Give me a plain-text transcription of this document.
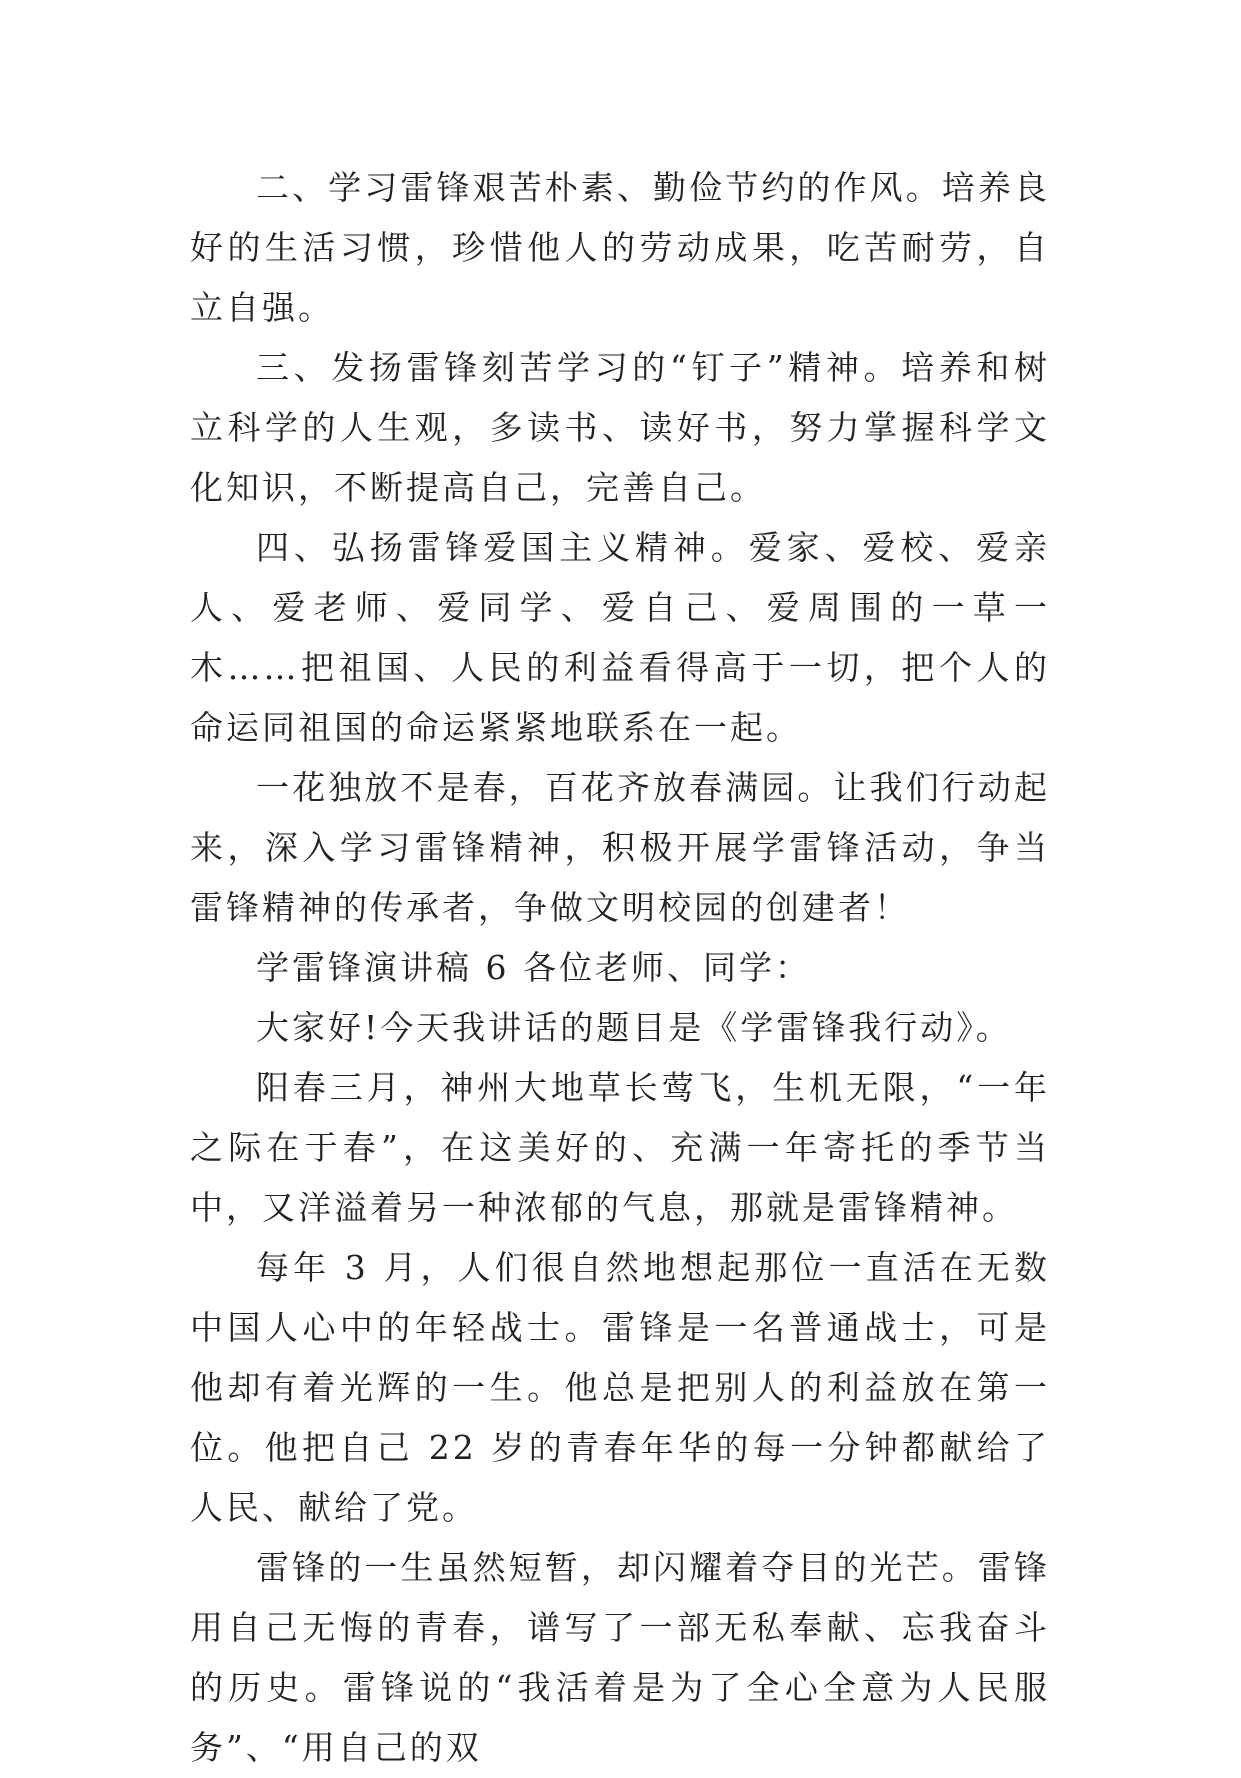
二、学习雷锋艰苦朴素、勤俭节约的作风。培养良好的生活习惯，珍惜他人的劳动成果，吃苦耐劳，自立自强。

三、发扬雷锋刻苦学习的“钉子”精神。培养和树立科学的人生观，多读书、读好书，努力掌握科学文化知识，不断提高自己，完善自己。

四、弘扬雷锋爱国主义精神。爱家、爱校、爱亲人、爱老师、爱同学、爱自己、爱周围的一草一木……把祖国、人民的利益看得高于一切，把个人的命运同祖国的命运紧紧地联系在一起。

一花独放不是春，百花齐放春满园。让我们行动起来，深入学习雷锋精神，积极开展学雷锋活动，争当雷锋精神的传承者，争做文明校园的创建者！

学雷锋演讲稿 6 各位老师、同学：

大家好!今天我讲话的题目是《学雷锋我行动》。

阳春三月，神州大地草长莺飞，生机无限，“一年之际在于春”，在这美好的、充满一年寄托的季节当中，又洋溢着另一种浓郁的气息，那就是雷锋精神。

每年 3 月，人们很自然地想起那位一直活在无数中国人心中的年轻战士。雷锋是一名普通战士，可是他却有着光辉的一生。他总是把别人的利益放在第一位。他把自己 22 岁的青春年华的每一分钟都献给了人民、献给了党。

雷锋的一生虽然短暂，却闪耀着夺目的光芒。雷锋用自己无悔的青春，谱写了一部无私奉献、忘我奋斗的历史。雷锋说的“我活着是为了全心全意为人民服务”、“用自己的双
